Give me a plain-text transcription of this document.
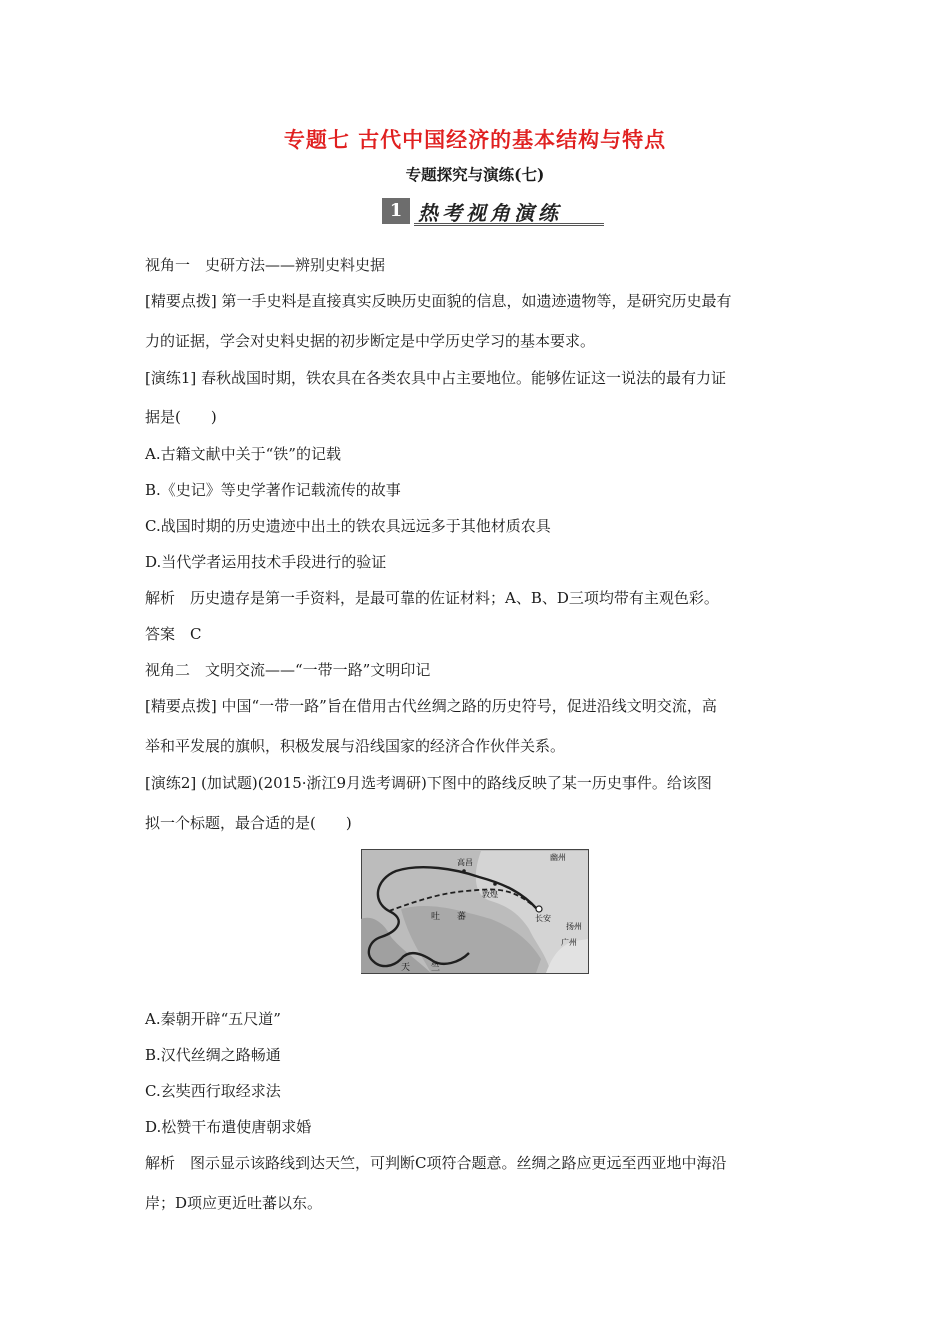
专题七 古代中国经济的基本结构与特点
专题探究与演练(七)
1 热考视角演练
视角一　史研方法——辨别史料史据
[精要点拨] 第一手史料是直接真实反映历史面貌的信息，如遗迹遗物等，是研究历史最有
力的证据，学会对史料史据的初步断定是中学历史学习的基本要求。
[演练1] 春秋战国时期，铁农具在各类农具中占主要地位。能够佐证这一说法的最有力证
据是(　　)
A.古籍文献中关于“铁”的记载
B.《史记》等史学著作记载流传的故事
C.战国时期的历史遗迹中出土的铁农具远远多于其他材质农具
D.当代学者运用技术手段进行的验证
解析　历史遗存是第一手资料，是最可靠的佐证材料；A、B、D三项均带有主观色彩。
答案　C
视角二　文明交流——“一带一路”文明印记
[精要点拨] 中国“一带一路”旨在借用古代丝绸之路的历史符号，促进沿线文明交流，高
举和平发展的旗帜，积极发展与沿线国家的经济合作伙伴关系。
[演练2] (加试题)(2015·浙江9月选考调研)下图中的路线反映了某一历史事件。给该图
拟一个标题，最合适的是(　　)
高昌
敦煌
长安
幽州
扬州
广州
吐 蕃
天 竺
A.秦朝开辟“五尺道”
B.汉代丝绸之路畅通
C.玄奘西行取经求法
D.松赞干布遣使唐朝求婚
解析　图示显示该路线到达天竺，可判断C项符合题意。丝绸之路应更远至西亚地中海沿
岸；D项应更近吐蕃以东。
